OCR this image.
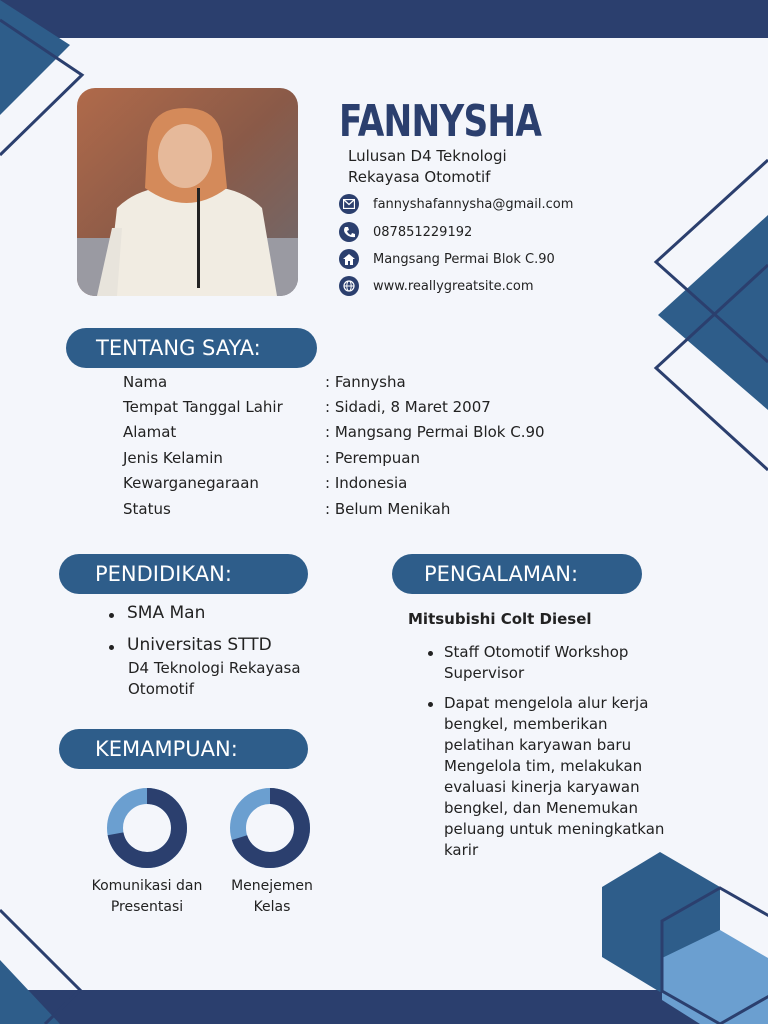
FANNYSHA
Lulusan D4 Teknologi
Rekayasa Otomotif
fannyshafannysha@gmail.com
087851229192
Mangsang Permai Blok C.90
www.reallygreatsite.com
TENTANG SAYA:
Nama	: Fannysha
Tempat Tanggal Lahir	: Sidadi, 8 Maret 2007
Alamat	: Mangsang Permai Blok C.90
Jenis Kelamin	: Perempuan
Kewarganegaraan	: Indonesia
Status	: Belum Menikah
PENDIDIKAN:
SMA Man
Universitas STTD
D4 Teknologi Rekayasa
Otomotif
PENGALAMAN:
Mitsubishi Colt Diesel
Staff Otomotif Workshop
Supervisor
Dapat mengelola alur kerja
bengkel, memberikan
pelatihan karyawan baru
Mengelola tim, melakukan
evaluasi kinerja karyawan
bengkel, dan Menemukan
peluang untuk meningkatkan
karir
KEMAMPUAN:
Komunikasi dan
Presentasi
Menejemen
Kelas
